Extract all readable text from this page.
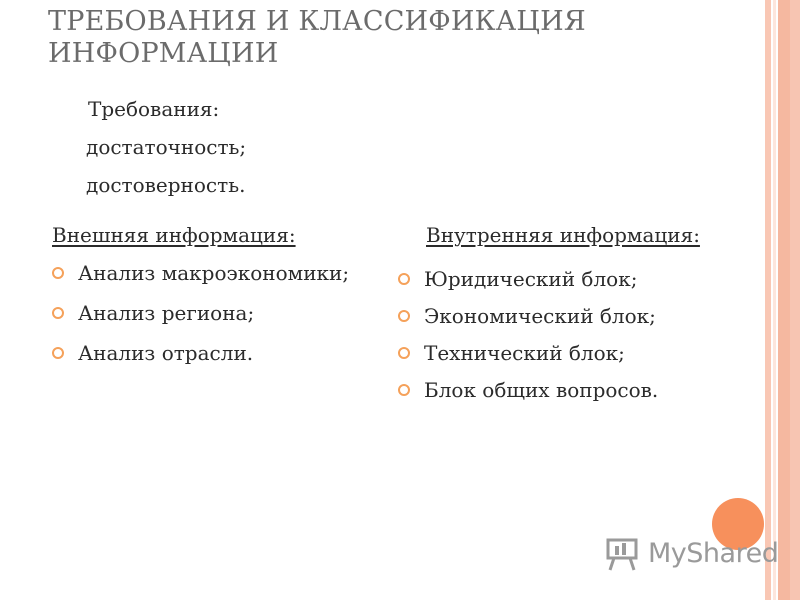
ТРЕБОВАНИЯ И КЛАССИФИКАЦИЯ
ИНФОРМАЦИИ
Требования:
достаточность;
достоверность.
Внешняя информация:
Анализ макроэкономики;
Анализ региона;
Анализ отрасли.
Внутренняя информация:
Юридический блок;
Экономический блок;
Технический блок;
Блок общих вопросов.
MyShared
